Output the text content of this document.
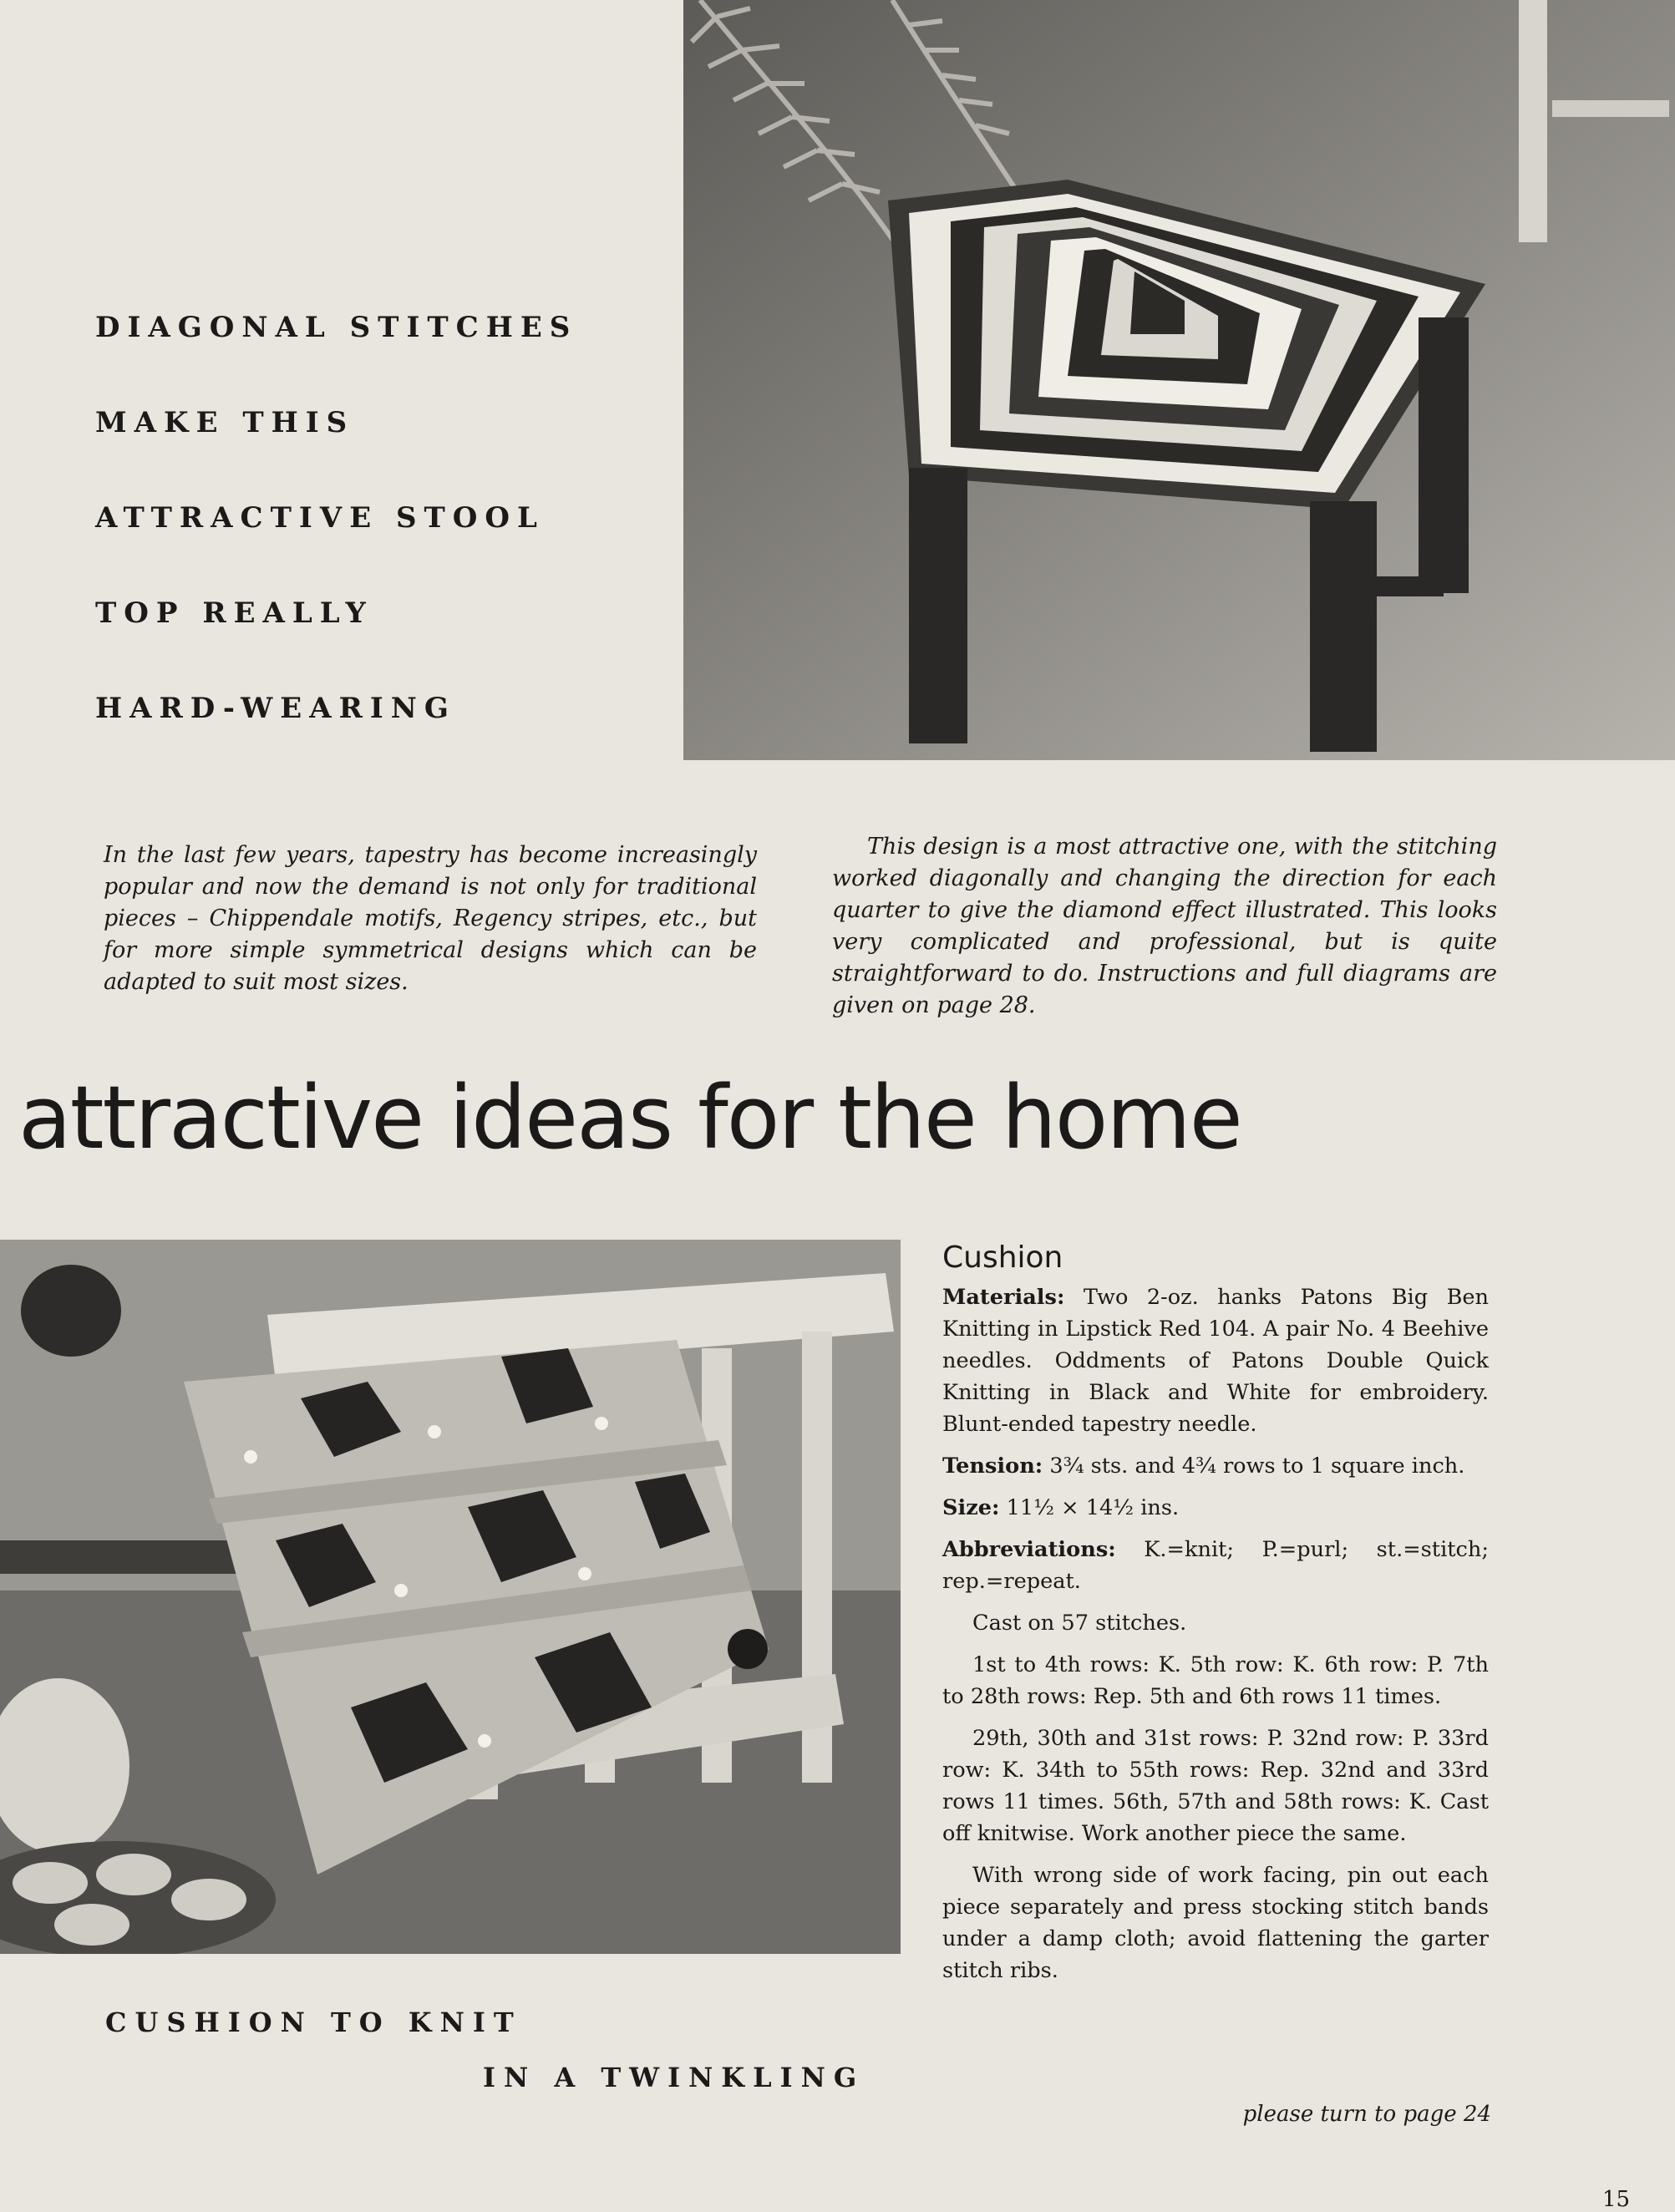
DIAGONAL STITCHES
MAKE THIS
ATTRACTIVE STOOL
TOP REALLY
HARD-WEARING
In the last few years, tapestry has become increasingly popular and now the demand is not only for traditional pieces – Chippendale motifs, Regency stripes, etc., but for more simple symmetrical designs which can be adapted to suit most sizes.
This design is a most attractive one, with the stitching worked diagonally and changing the direction for each quarter to give the diamond effect illustrated. This looks very complicated and professional, but is quite straightforward to do. Instructions and full diagrams are given on page 28.
attractive ideas for the home
Cushion

Materials: Two 2-oz. hanks Patons Big Ben Knitting in Lipstick Red 104. A pair No. 4 Beehive needles. Oddments of Patons Double Quick Knitting in Black and White for embroidery. Blunt-ended tapestry needle.

Tension: 3¾ sts. and 4¾ rows to 1 square inch.

Size: 11½ × 14½ ins.

Abbreviations: K.=knit; P.=purl; st.=stitch; rep.=repeat.

Cast on 57 stitches.

1st to 4th rows: K. 5th row: K. 6th row: P. 7th to 28th rows: Rep. 5th and 6th rows 11 times.

29th, 30th and 31st rows: P. 32nd row: P. 33rd row: K. 34th to 55th rows: Rep. 32nd and 33rd rows 11 times. 56th, 57th and 58th rows: K. Cast off knitwise. Work another piece the same.

With wrong side of work facing, pin out each piece separately and press stocking stitch bands under a damp cloth; avoid flattening the garter stitch ribs.

please turn to page 24
CUSHION TO KNIT
IN A TWINKLING
15
